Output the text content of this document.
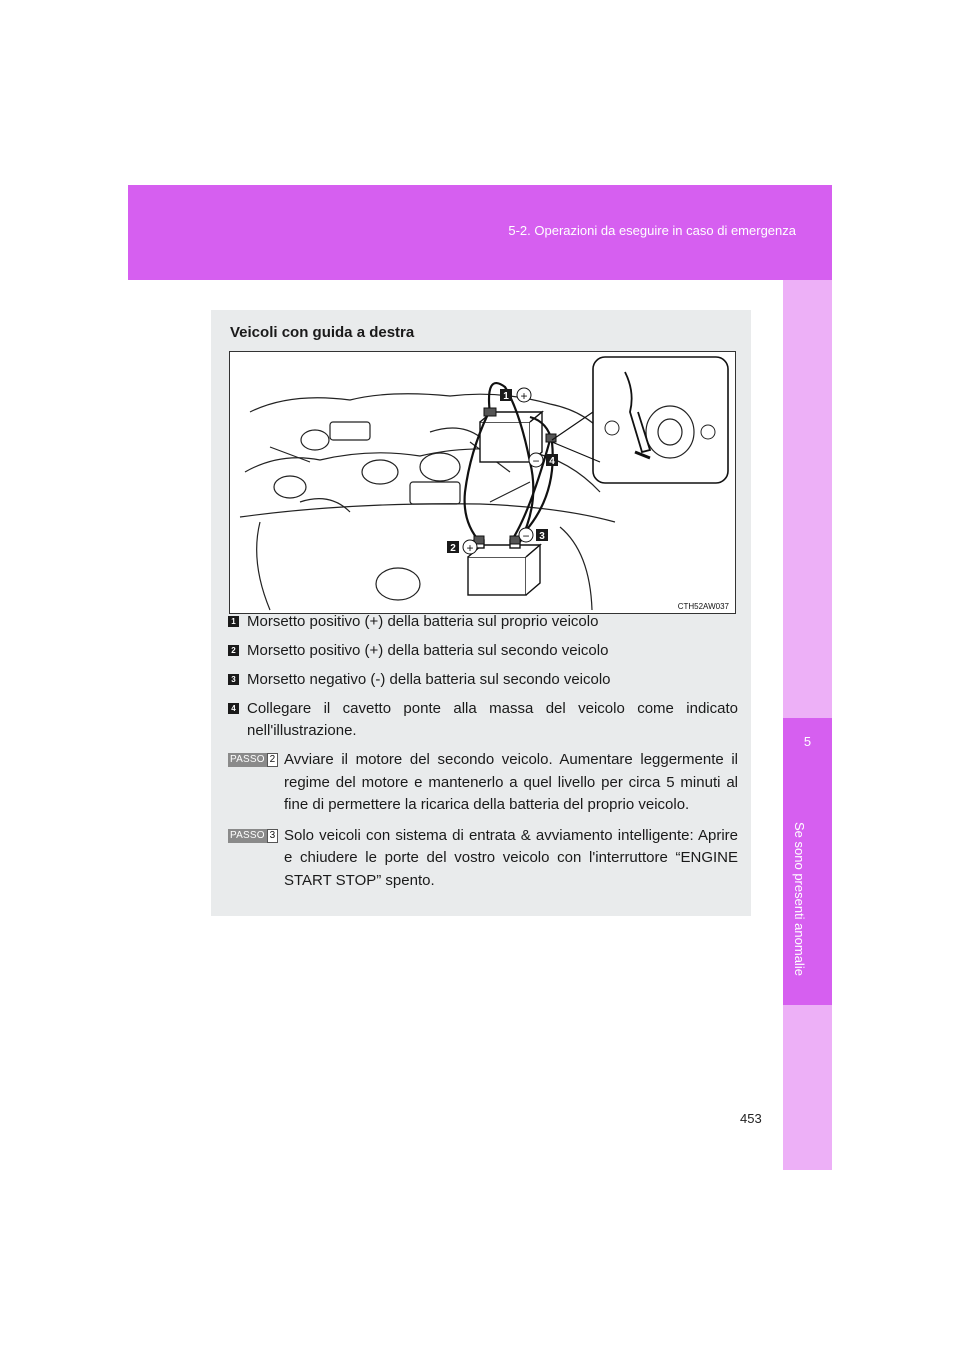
5-2. Operazioni da eseguire in caso di emergenza
5
Se sono presenti anomalie
453
Veicoli con guida a destra
1 +
− 4
2 +
− 3
CTH52AW037
1 Morsetto positivo (+) della batteria sul proprio veicolo
2 Morsetto positivo (+) della batteria sul secondo veicolo
3 Morsetto negativo (-) della batteria sul secondo veicolo
4 Collegare il cavetto ponte alla massa del veicolo come indicato nell'illustrazione.
PASSO 2 Avviare il motore del secondo veicolo. Aumentare leggermente il regime del motore e mantenerlo a quel livello per circa 5 minuti al fine di permettere la ricarica della batteria del proprio veicolo.
PASSO 3 Solo veicoli con sistema di entrata & avviamento intelligente: Aprire e chiudere le porte del vostro veicolo con l'interruttore “ENGINE START STOP” spento.
